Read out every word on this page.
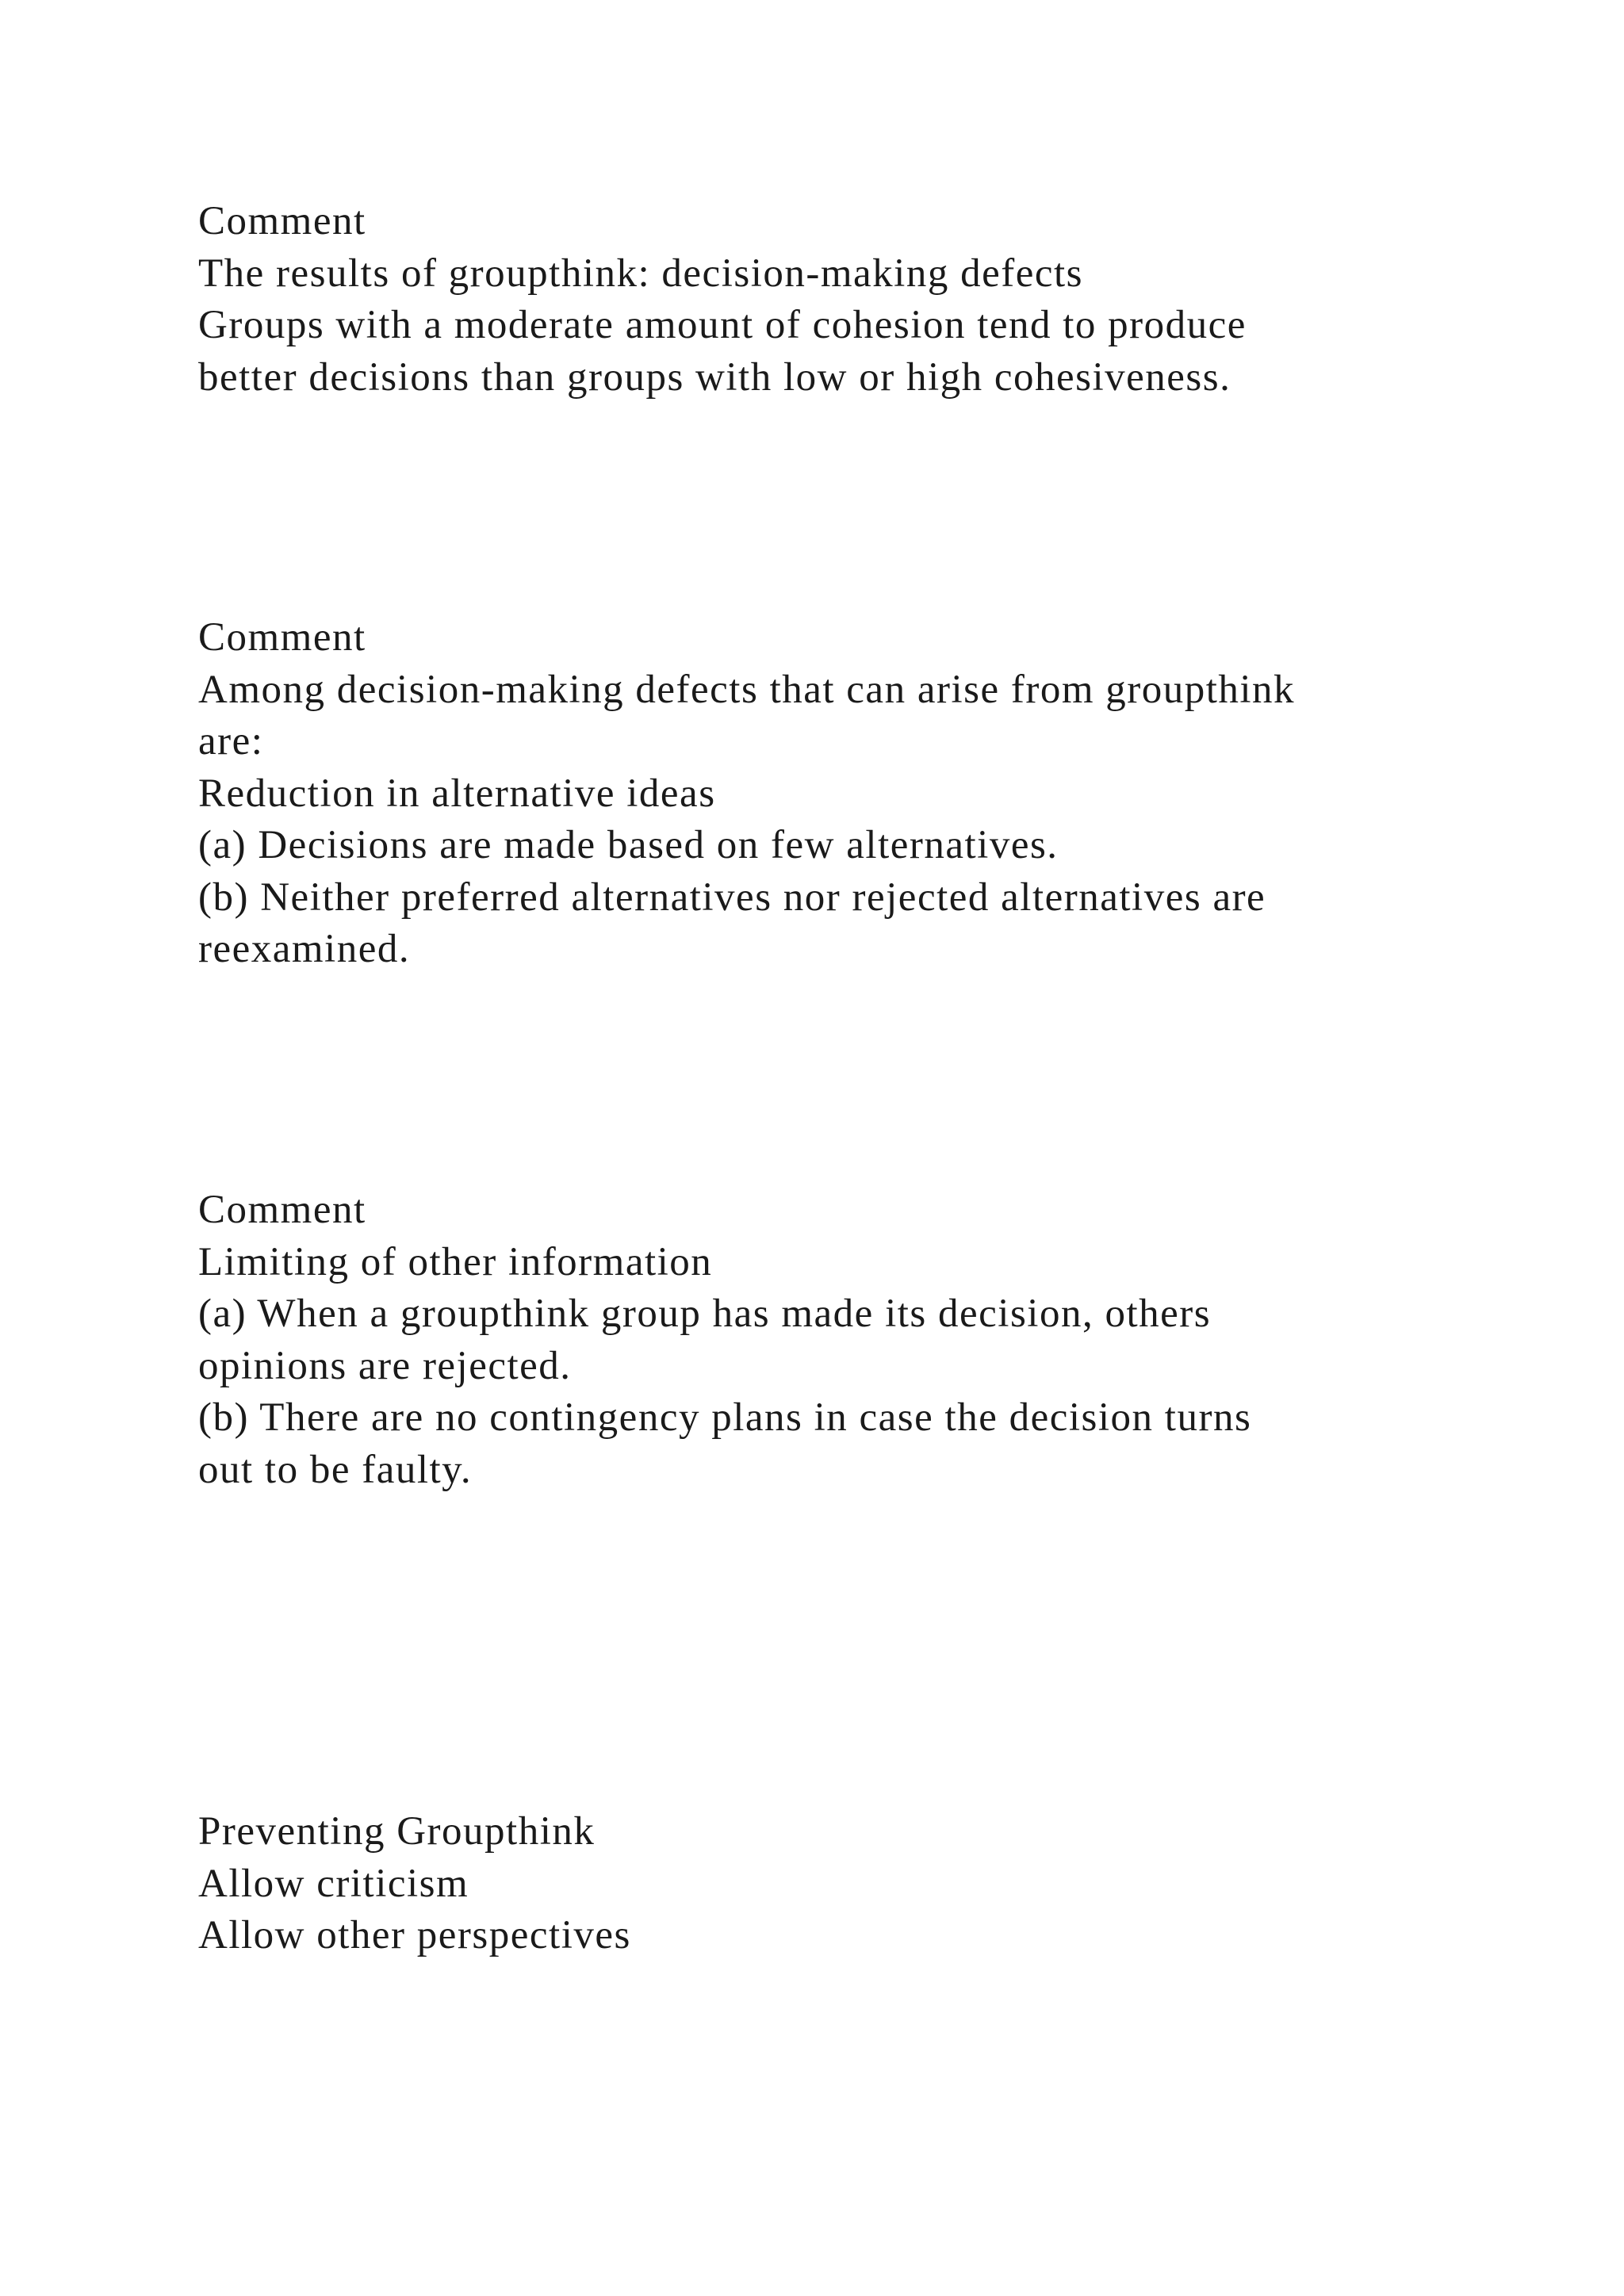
Comment
The results of groupthink: decision-making defects
Groups with a moderate amount of cohesion tend to produce
better decisions than groups with low or high cohesiveness.
Comment
Among decision-making defects that can arise from groupthink
are:
Reduction in alternative ideas
(a) Decisions are made based on few alternatives.
(b) Neither preferred alternatives nor rejected alternatives are
reexamined.
Comment
Limiting of other information
(a) When a groupthink group has made its decision, others
opinions are rejected.
(b) There are no contingency plans in case the decision turns
out to be faulty.
Preventing Groupthink
Allow criticism
Allow other perspectives
